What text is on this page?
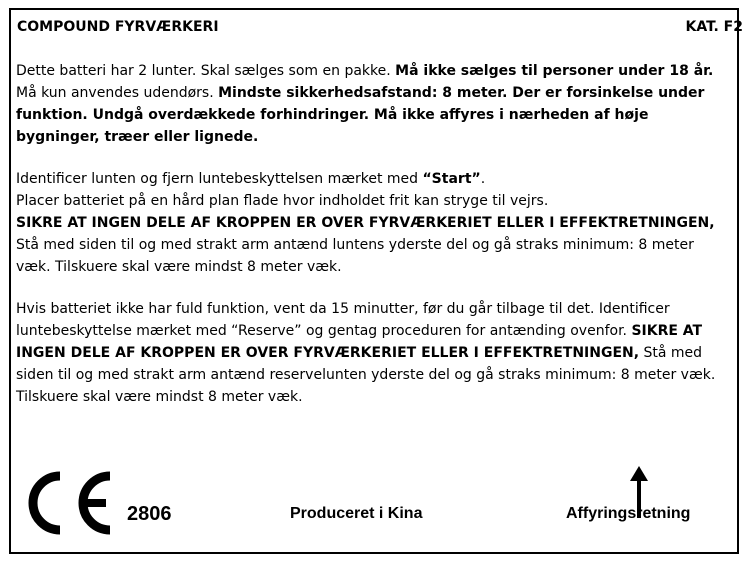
COMPOUND FYRVÆRKERI	KAT. F2

Dette batteri har 2 lunter. Skal sælges som en pakke. Må ikke sælges til personer under 18 år. Må kun anvendes udendørs. Mindste sikkerhedsafstand: 8 meter. Der er forsinkelse under funktion. Undgå overdækkede forhindringer. Må ikke affyres i nærheden af høje bygninger, træer eller lignede.

Identificer lunten og fjern luntebeskyttelsen mærket med “Start”.
Placer batteriet på en hård plan flade hvor indholdet frit kan stryge til vejrs.
SIKRE AT INGEN DELE AF KROPPEN ER OVER FYRVÆRKERIET ELLER I EFFEKTRETNINGEN, Stå med siden til og med strakt arm antænd luntens yderste del og gå straks minimum: 8 meter væk. Tilskuere skal være mindst 8 meter væk.

Hvis batteriet ikke har fuld funktion, vent da 15 minutter, før du går tilbage til det. Identificer luntebeskyttelse mærket med “Reserve” og gentag proceduren for antænding ovenfor. SIKRE AT INGEN DELE AF KROPPEN ER OVER FYRVÆRKERIET ELLER I EFFEKTRETNINGEN, Stå med siden til og med strakt arm antænd reservelunten yderste del og gå straks minimum: 8 meter væk. Tilskuere skal være mindst 8 meter væk.

2806	Produceret i Kina	Affyringsretning
